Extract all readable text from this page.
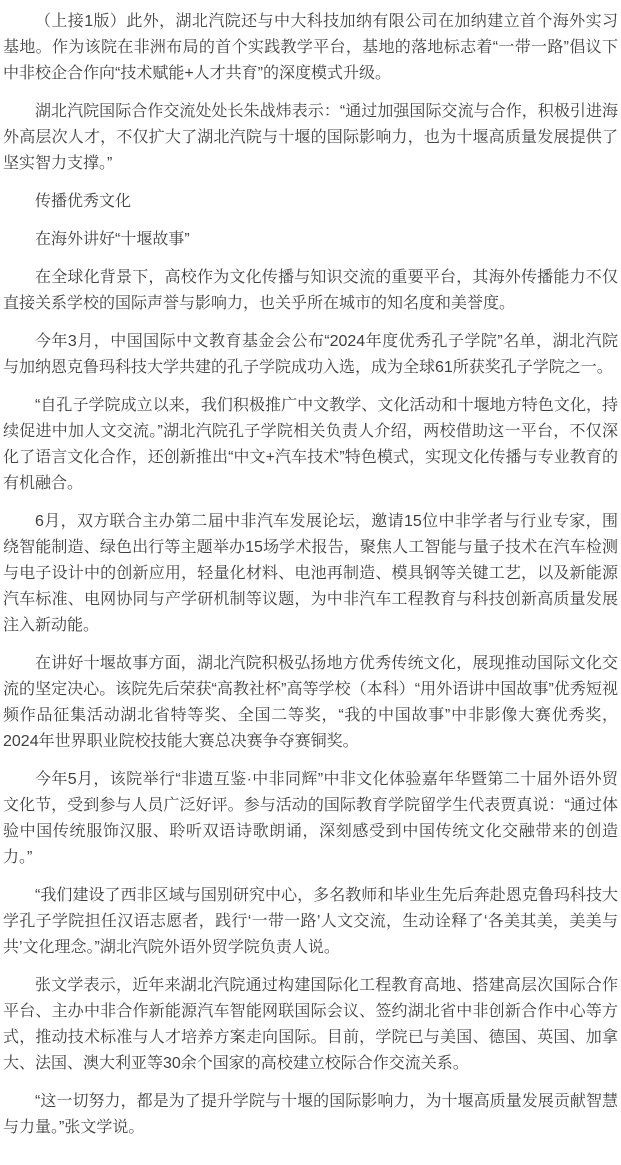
（上接1版）此外，湖北汽院还与中大科技加纳有限公司在加纳建立首个海外实习基地。作为该院在非洲布局的首个实践教学平台，基地的落地标志着“一带一路”倡议下中非校企合作向“技术赋能+人才共育”的深度模式升级。

湖北汽院国际合作交流处处长朱战炜表示：“通过加强国际交流与合作，积极引进海外高层次人才，不仅扩大了湖北汽院与十堰的国际影响力，也为十堰高质量发展提供了坚实智力支撑。”

传播优秀文化

在海外讲好“十堰故事”

在全球化背景下，高校作为文化传播与知识交流的重要平台，其海外传播能力不仅直接关系学校的国际声誉与影响力，也关乎所在城市的知名度和美誉度。

今年3月，中国国际中文教育基金会公布“2024年度优秀孔子学院”名单，湖北汽院与加纳恩克鲁玛科技大学共建的孔子学院成功入选，成为全球61所获奖孔子学院之一。

“自孔子学院成立以来，我们积极推广中文教学、文化活动和十堰地方特色文化，持续促进中加人文交流。”湖北汽院孔子学院相关负责人介绍，两校借助这一平台，不仅深化了语言文化合作，还创新推出“中文+汽车技术”特色模式，实现文化传播与专业教育的有机融合。

6月，双方联合主办第二届中非汽车发展论坛，邀请15位中非学者与行业专家，围绕智能制造、绿色出行等主题举办15场学术报告，聚焦人工智能与量子技术在汽车检测与电子设计中的创新应用，轻量化材料、电池再制造、模具钢等关键工艺，以及新能源汽车标准、电网协同与产学研机制等议题，为中非汽车工程教育与科技创新高质量发展注入新动能。

在讲好十堰故事方面，湖北汽院积极弘扬地方优秀传统文化，展现推动国际文化交流的坚定决心。该院先后荣获“高教社杯”高等学校（本科）“用外语讲中国故事”优秀短视频作品征集活动湖北省特等奖、全国二等奖，“我的中国故事”中非影像大赛优秀奖，2024年世界职业院校技能大赛总决赛争夺赛铜奖。

今年5月，该院举行“非遗互鉴·中非同辉”中非文化体验嘉年华暨第二十届外语外贸文化节，受到参与人员广泛好评。参与活动的国际教育学院留学生代表贾真说：“通过体验中国传统服饰汉服、聆听双语诗歌朗诵，深刻感受到中国传统文化交融带来的创造力。”

“我们建设了西非区域与国别研究中心，多名教师和毕业生先后奔赴恩克鲁玛科技大学孔子学院担任汉语志愿者，践行‘一带一路’人文交流，生动诠释了‘各美其美，美美与共’文化理念。”湖北汽院外语外贸学院负责人说。

张文学表示，近年来湖北汽院通过构建国际化工程教育高地、搭建高层次国际合作平台、主办中非合作新能源汽车智能网联国际会议、签约湖北省中非创新合作中心等方式，推动技术标准与人才培养方案走向国际。目前，学院已与美国、德国、英国、加拿大、法国、澳大利亚等30余个国家的高校建立校际合作交流关系。

“这一切努力，都是为了提升学院与十堰的国际影响力，为十堰高质量发展贡献智慧与力量。”张文学说。
